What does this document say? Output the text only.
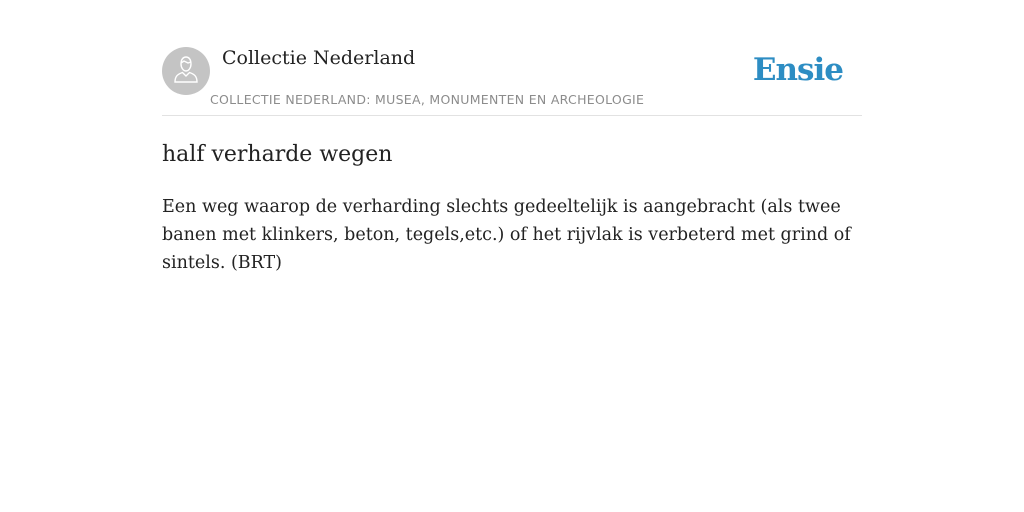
Collectie Nederland
COLLECTIE NEDERLAND: MUSEA, MONUMENTEN EN ARCHEOLOGIE
Ensie
half verharde wegen

Een weg waarop de verharding slechts gedeeltelijk is aangebracht (als twee banen met klinkers, beton, tegels,etc.) of het rijvlak is verbeterd met grind of sintels. (BRT)
